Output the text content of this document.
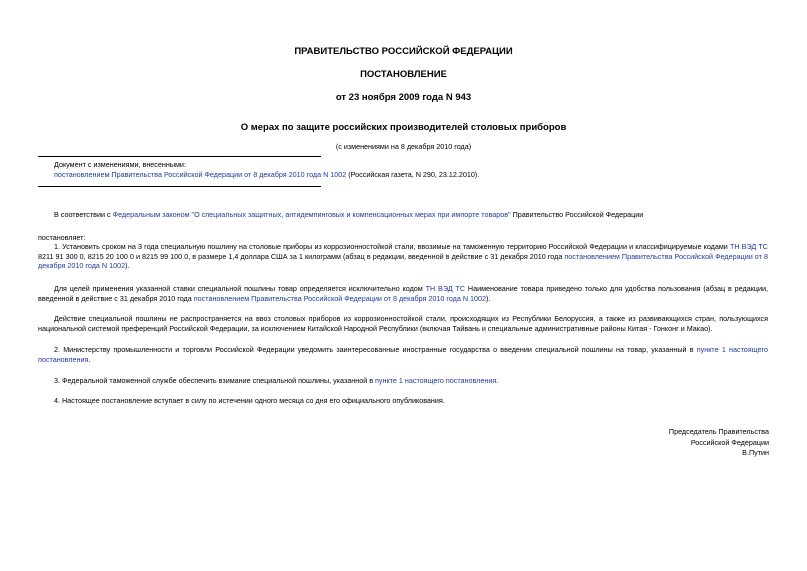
ПРАВИТЕЛЬСТВО РОССИЙСКОЙ ФЕДЕРАЦИИ
ПОСТАНОВЛЕНИЕ
от 23 ноября 2009 года N 943
О мерах по защите российских производителей столовых приборов
(с изменениями на 8 декабря 2010 года)
Документ с изменениями, внесенными:
постановлением Правительства Российской Федерации от 8 декабря 2010 года N 1002 (Российская газета, N 290, 23.12.2010).
В соответствии с Федеральным законом "О специальных защитных, антидемпинговых и компенсационных мерах при импорте товаров" Правительство Российской Федерации
постановляет:
1. Установить сроком на 3 года специальную пошлину на столовые приборы из коррозионностойкой стали, ввозимые на таможенную территорию Российской Федерации и классифицируемые кодами ТН ВЭД ТС 8211 91 300 0, 8215 20 100 0 и 8215 99 100 0, в размере 1,4 доллара США за 1 килограмм (абзац в редакции, введенной в действие с 31 декабря 2010 года постановлением Правительства Российской Федерации от 8 декабря 2010 года N 1002).
Для целей применения указанной ставки специальной пошлины товар определяется исключительно кодом ТН ВЭД ТС Наименование товара приведено только для удобства пользования (абзац в редакции, введенной в действие с 31 декабря 2010 года постановлением Правительства Российской Федерации от 8 декабря 2010 года N 1002).
Действие специальной пошлины не распространяется на ввоз столовых приборов из коррозионностойкой стали, происходящих из Республики Белоруссия, а также из развивающихся стран, пользующихся национальной системой преференций Российской Федерации, за исключением Китайской Народной Республики (включая Тайвань и специальные административные районы Китая - Гонконг и Макао).
2. Министерству промышленности и торговли Российской Федерации уведомить заинтересованные иностранные государства о введении специальной пошлины на товар, указанный в пункте 1 настоящего постановления.
3. Федеральной таможенной службе обеспечить взимание специальной пошлины, указанной в пункте 1 настоящего постановления.
4. Настоящее постановление вступает в силу по истечении одного месяца со дня его официального опубликования.
Председатель Правительства
Российской Федерации
В.Путин
